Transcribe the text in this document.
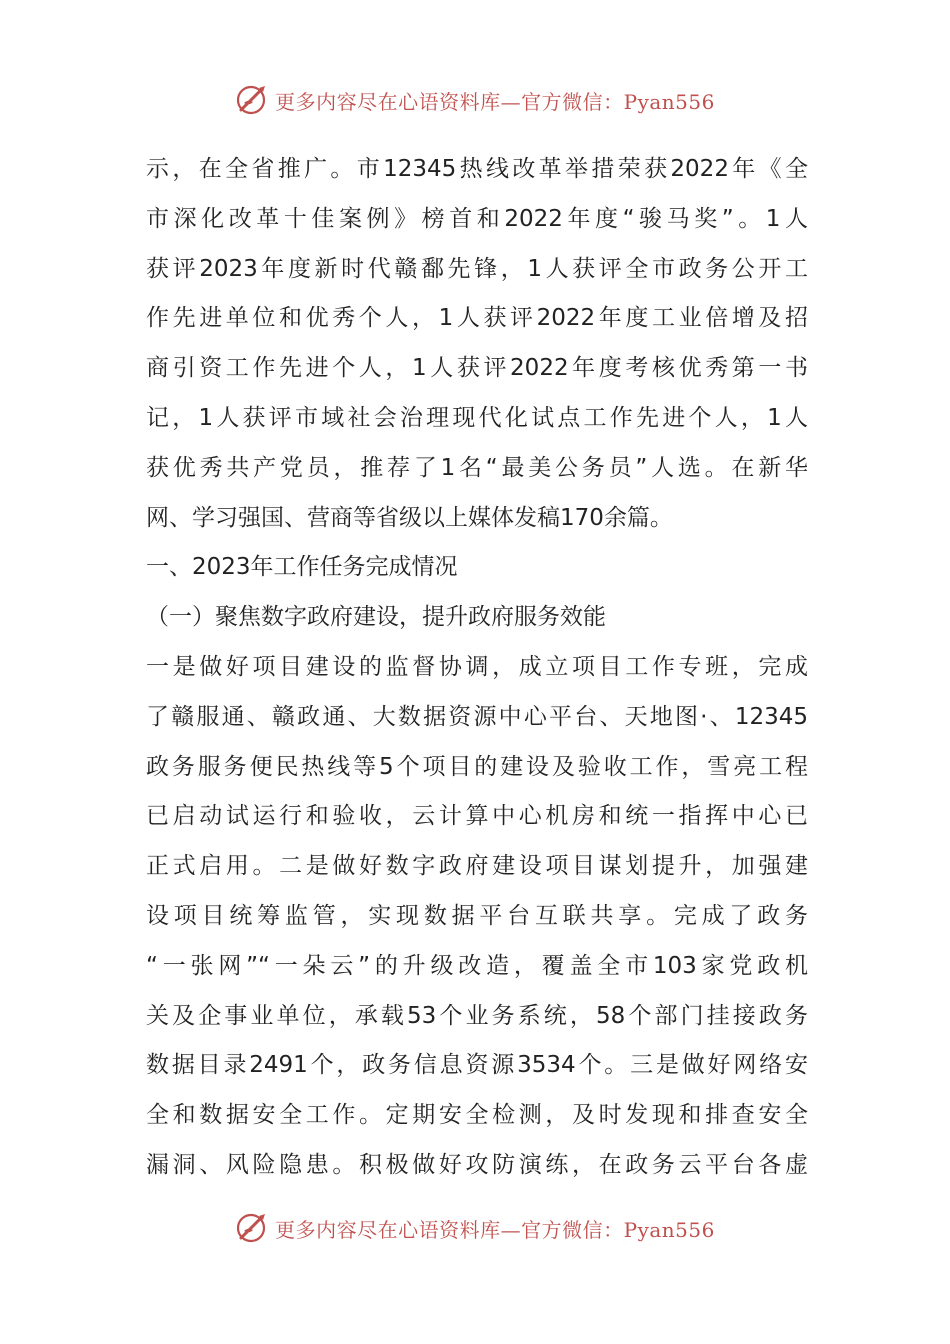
更多内容尽在心语资料库—官方微信：Pyan556
示，在全省推广。市12345热线改革举措荣获2022年《全
市深化改革十佳案例》榜首和2022年度“骏马奖”。1人
获评2023年度新时代赣鄱先锋，1人获评全市政务公开工
作先进单位和优秀个人，1人获评2022年度工业倍增及招
商引资工作先进个人，1人获评2022年度考核优秀第一书
记，1人获评市域社会治理现代化试点工作先进个人，1人
获优秀共产党员，推荐了1名“最美公务员”人选。在新华
网、学习强国、营商等省级以上媒体发稿170余篇。
一、2023年工作任务完成情况
（一）聚焦数字政府建设，提升政府服务效能
一是做好项目建设的监督协调，成立项目工作专班，完成
了赣服通、赣政通、大数据资源中心平台、天地图·、12345
政务服务便民热线等5个项目的建设及验收工作，雪亮工程
已启动试运行和验收，云计算中心机房和统一指挥中心已
正式启用。二是做好数字政府建设项目谋划提升，加强建
设项目统筹监管，实现数据平台互联共享。完成了政务
“一张网”“一朵云”的升级改造，覆盖全市103家党政机
关及企事业单位，承载53个业务系统，58个部门挂接政务
数据目录2491个，政务信息资源3534个。三是做好网络安
全和数据安全工作。定期安全检测，及时发现和排查安全
漏洞、风险隐患。积极做好攻防演练，在政务云平台各虚
更多内容尽在心语资料库—官方微信：Pyan556
